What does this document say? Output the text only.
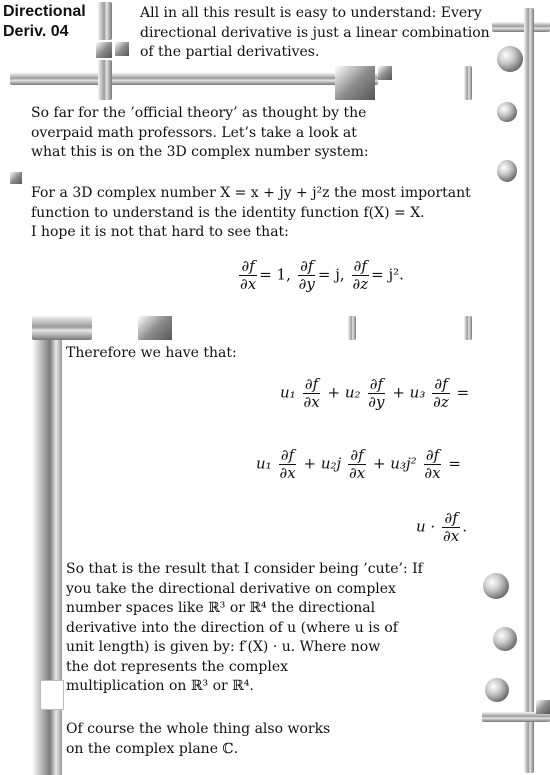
Directional
Deriv. 04
All in all this result is easy to understand: Every
directional derivative is just a linear combination
of the partial derivatives.
So far for the ’official theory’ as thought by the
overpaid math professors. Let’s take a look at
what this is on the 3D complex number system:
For a 3D complex number X = x + jy + j²z the most important
function to understand is the identity function f(X) = X.
I hope it is not that hard to see that:
$\frac{\partial f}{\partial x} = 1$, $\frac{\partial f}{\partial y} = j$, $\frac{\partial f}{\partial z} = j^2$.
Therefore we have that:
$u_1 \frac{\partial f}{\partial x} + u_2 \frac{\partial f}{\partial y} + u_3 \frac{\partial f}{\partial z}$ =
$u_1 \frac{\partial f}{\partial x} + u_2j \frac{\partial f}{\partial x} + u_3j^2 \frac{\partial f}{\partial x}$ =
$u \cdot \frac{\partial f}{\partial x}$ .
So that is the result that I consider being ’cute’: If
you take the directional derivative on complex
number spaces like ℝ³ or ℝ⁴ the directional
derivative into the direction of u (where u is of
unit length) is given by: f′(X) · u. Where now
the dot represents the complex
multiplication on ℝ³ or ℝ⁴.
Of course the whole thing also works
on the complex plane ℂ.
